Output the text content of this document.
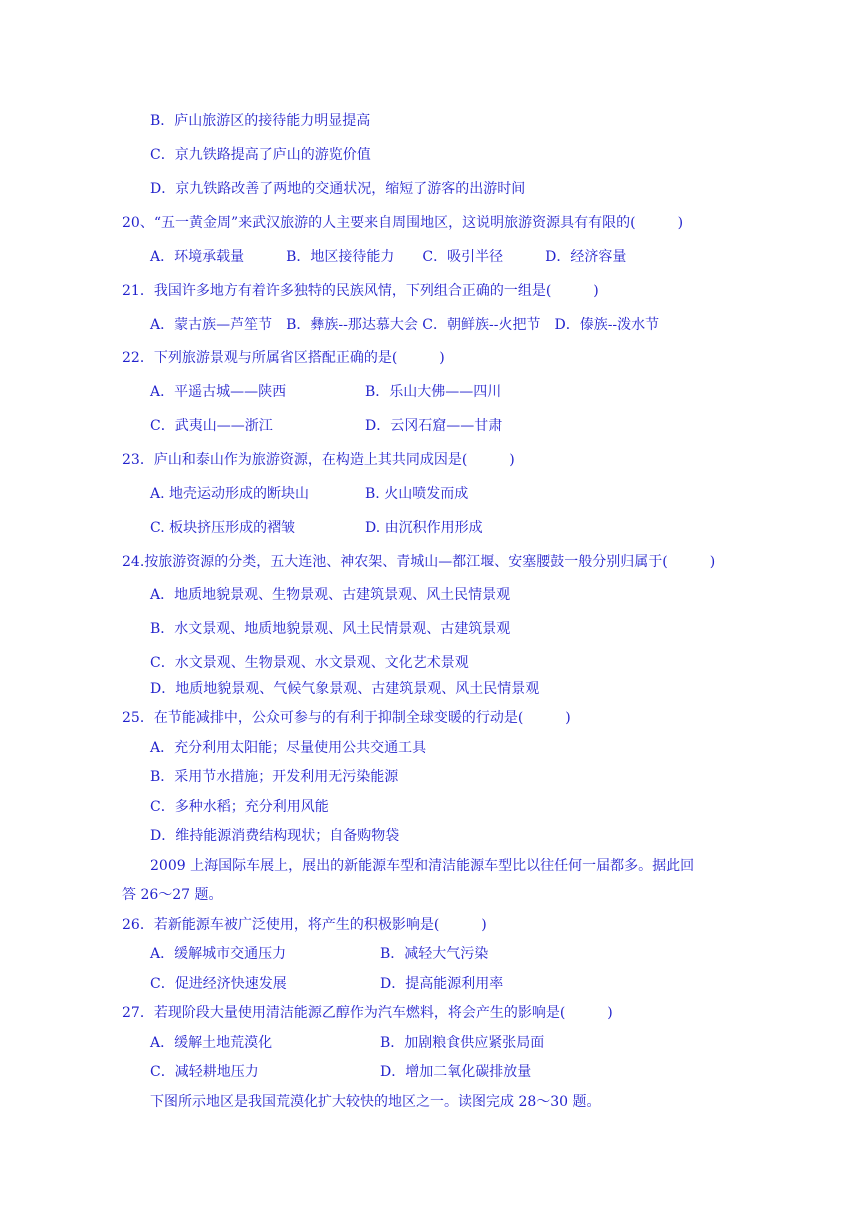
B．庐山旅游区的接待能力明显提高
C．京九铁路提高了庐山的游览价值
D．京九铁路改善了两地的交通状况，缩短了游客的出游时间
20、“五一黄金周”来武汉旅游的人主要来自周围地区，这说明旅游资源具有有限的(　　　)
A．环境承载量　　　B．地区接待能力　　C．吸引半径　　　D．经济容量
21．我国许多地方有着许多独特的民族风情，下列组合正确的一组是(　　　)
A．蒙古族—芦笙节　B．彝族--那达慕大会 C．朝鲜族--火把节　D．傣族--泼水节
22．下列旅游景观与所属省区搭配正确的是(　　　)
A．平遥古城——陕西	B．乐山大佛——四川
C．武夷山——浙江	D．云冈石窟——甘肃
23．庐山和泰山作为旅游资源，在构造上其共同成因是(　　　)
A. 地壳运动形成的断块山	B. 火山喷发而成
C. 板块挤压形成的褶皱	D. 由沉积作用形成
24.按旅游资源的分类，五大连池、神农架、青城山—都江堰、安塞腰鼓一般分别归属于(　　　)
A．地质地貌景观、生物景观、古建筑景观、风土民情景观
B．水文景观、地质地貌景观、风土民情景观、古建筑景观
C．水文景观、生物景观、水文景观、文化艺术景观
D．地质地貌景观、气候气象景观、古建筑景观、风土民情景观
25．在节能减排中，公众可参与的有利于抑制全球变暖的行动是(　　　)
A．充分利用太阳能；尽量使用公共交通工具
B．采用节水措施；开发利用无污染能源
C．多种水稻；充分利用风能
D．维持能源消费结构现状；自备购物袋
2009 上海国际车展上，展出的新能源车型和清洁能源车型比以往任何一届都多。据此回
答 26～27 题。
26．若新能源车被广泛使用，将产生的积极影响是(　　　)
A．缓解城市交通压力	B．减轻大气污染
C．促进经济快速发展	D．提高能源利用率
27．若现阶段大量使用清洁能源乙醇作为汽车燃料，将会产生的影响是(　　　)
A．缓解土地荒漠化	B．加剧粮食供应紧张局面
C．减轻耕地压力	D．增加二氧化碳排放量
下图所示地区是我国荒漠化扩大较快的地区之一。读图完成 28～30 题。
